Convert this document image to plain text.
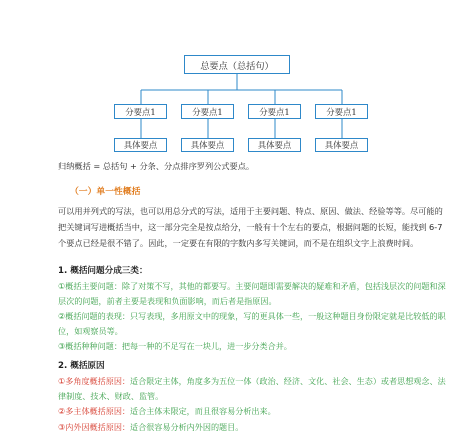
总要点（总括句）
分要点1	分要点1	分要点1	分要点1
具体要点	具体要点	具体要点	具体要点
归纳概括 = 总括句 + 分条、分点排序罗列公式要点。
（一）单一性概括

可以用并列式的写法，也可以用总分式的写法，适用于主要问题、特点、原因、做法、经验等等。尽可能的把关键词写进概括当中，这一部分完全是按点给分，一般有十个左右的要点，根据问题的长短，能找到 6-7 个要点已经是很不错了。因此，一定要在有限的字数内多写关键词，而不是在组织文字上浪费时间。

1. 概括问题分成三类：

①概括主要问题：除了对策不写，其他的都要写。主要问题即需要解决的疑难和矛盾，包括浅层次的问题和深层次的问题，前者主要是表现和负面影响，而后者是指原因。

②概括问题的表现：只写表现，多用原文中的现象，写的更具体一些，一般这种题目身份限定就是比较低的职位，如观察员等。

③概括种种问题：把每一种的不足写在一块儿，进一步分类合并。

2. 概括原因

①多角度概括原因：适合限定主体，角度多为五位一体（政治、经济、文化、社会、生态）或者思想观念、法律制度、技术、财政、监管。

②多主体概括原因：适合主体未限定，而且很容易分析出来。

③内外因概括原因：适合很容易分析内外因的题目。
